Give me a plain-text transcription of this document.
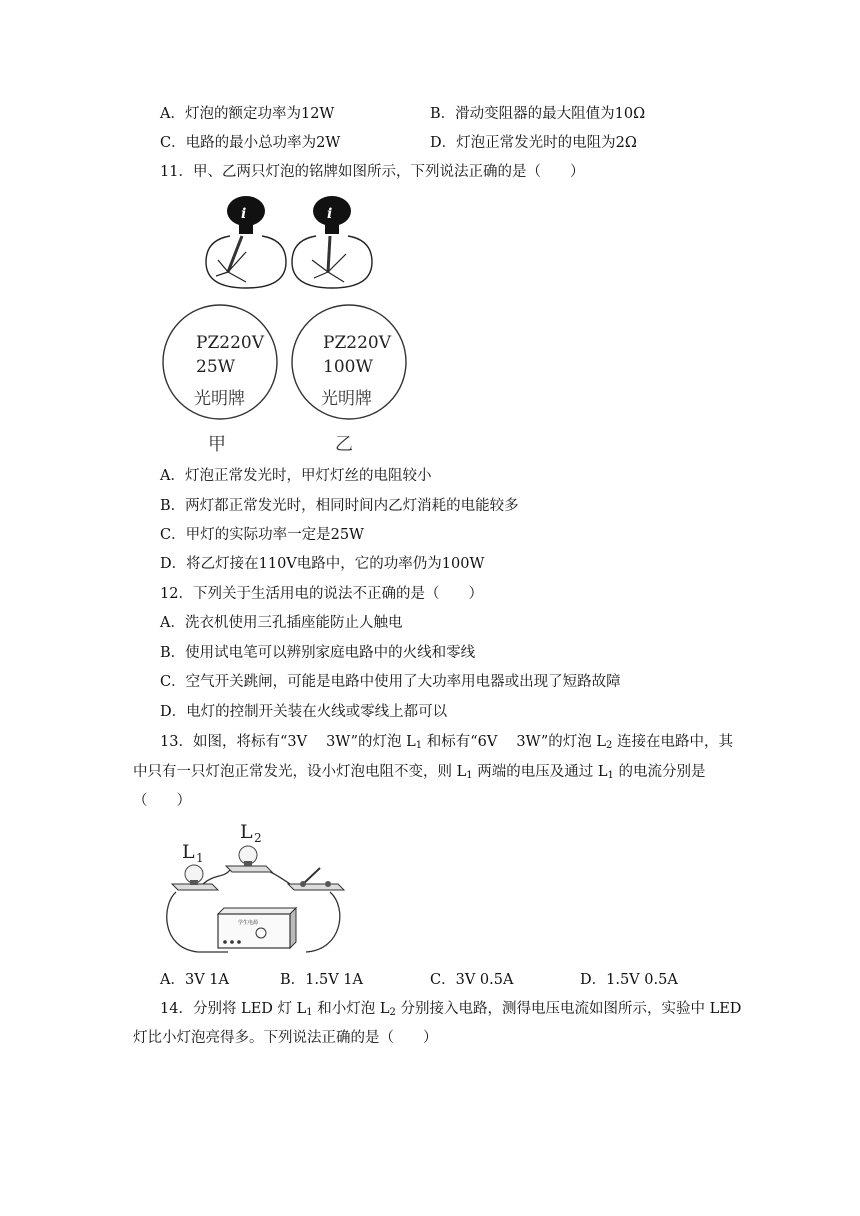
A．灯泡的额定功率为12W	B．滑动变阻器的最大阻值为10Ω
C．电路的最小总功率为2W	D．灯泡正常发光时的电阻为2Ω
11．甲、乙两只灯泡的铭牌如图所示，下列说法正确的是（　　）
i	i
PZ220V
25W
光明牌
PZ220V
100W
光明牌
甲	乙
A．灯泡正常发光时，甲灯灯丝的电阻较小
B．两灯都正常发光时，相同时间内乙灯消耗的电能较多
C．甲灯的实际功率一定是25W
D．将乙灯接在110V电路中，它的功率仍为100W
12．下列关于生活用电的说法不正确的是（　　）
A．洗衣机使用三孔插座能防止人触电
B．使用试电笔可以辨别家庭电路中的火线和零线
C．空气开关跳闸，可能是电路中使用了大功率用电器或出现了短路故障
D．电灯的控制开关装在火线或零线上都可以
13．如图，将标有“3V　 3W”的灯泡 $L_1$ 和标有“6V　 3W”的灯泡 $L_2$ 连接在电路中，其
中只有一只灯泡正常发光，设小灯泡电阻不变，则 $L_1$ 两端的电压及通过 $L_1$ 的电流分别是
（　　）
L 1
L 2
学生电源
A．3V 1A	B．1.5V 1A	C．3V 0.5A	D．1.5V 0.5A
14．分别将 LED 灯 $L_1$ 和小灯泡 $L_2$ 分别接入电路，测得电压电流如图所示，实验中 LED
灯比小灯泡亮得多。下列说法正确的是（　　）
